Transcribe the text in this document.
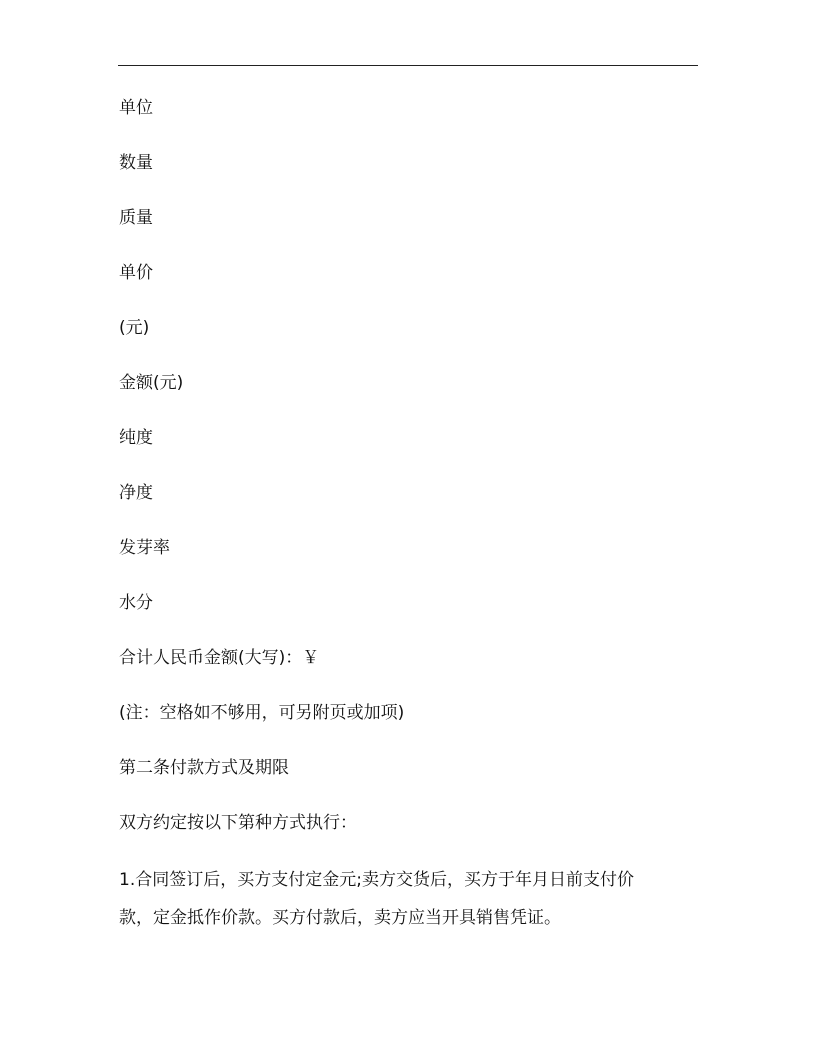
单位
数量
质量
单价
(元)
金额(元)
纯度
净度
发芽率
水分
合计人民币金额(大写)：￥
(注：空格如不够用，可另附页或加项)
第二条付款方式及期限
双方约定按以下第种方式执行：
1.合同签订后，买方支付定金元;卖方交货后，买方于年月日前支付价
款，定金抵作价款。买方付款后，卖方应当开具销售凭证。
